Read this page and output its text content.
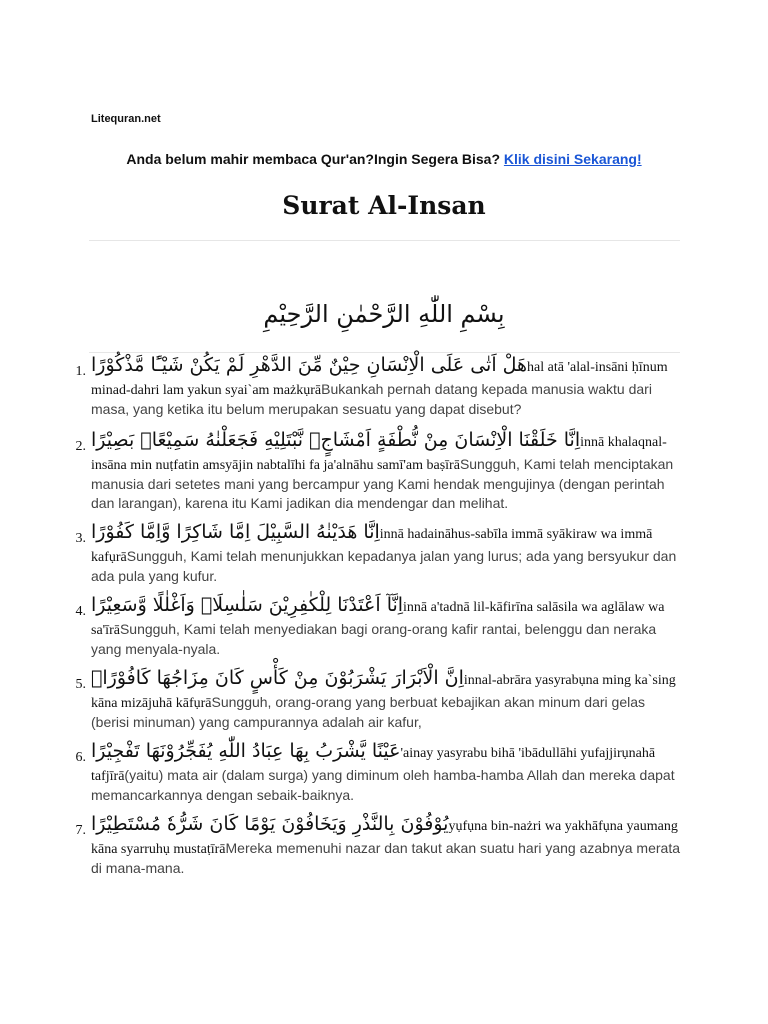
Litequran.net
Anda belum mahir membaca Qur'an?Ingin Segera Bisa? Klik disini Sekarang!
Surat Al-Insan
بِسْمِ اللّٰهِ الرَّحْمٰنِ الرَّحِيْمِ
1. هَلْ اَتٰى عَلَى الْاِنْسَانِ حِيْنٌ مِّنَ الدَّهْرِ لَمْ يَكُنْ شَيْـًٔا مَّذْكُوْرًاhal atā 'alal-insāni ḥīnum minad-dahri lam yakun syai`am mażkụrāBukankah pernah datang kepada manusia waktu dari masa, yang ketika itu belum merupakan sesuatu yang dapat disebut?
2. اِنَّا خَلَقْنَا الْاِنْسَانَ مِنْ نُّطْفَةٍ اَمْشَاجٍۖ نَّبْتَلِيْهِ فَجَعَلْنٰهُ سَمِيْعًاۢ بَصِيْرًاinnā khalaqnal-insāna min nuṭfatin amsyājin nabtalīhi fa ja'alnāhu samī'am baṣīrāSungguh, Kami telah menciptakan manusia dari setetes mani yang bercampur yang Kami hendak mengujinya (dengan perintah dan larangan), karena itu Kami jadikan dia mendengar dan melihat.
3. اِنَّا هَدَيْنٰهُ السَّبِيْلَ اِمَّا شَاكِرًا وَّاِمَّا كَفُوْرًاinnā hadaināhus-sabīla immā syākiraw wa immā kafụrāSungguh, Kami telah menunjukkan kepadanya jalan yang lurus; ada yang bersyukur dan ada pula yang kufur.
4. اِنَّآ اَعْتَدْنَا لِلْكٰفِرِيْنَ سَلٰسِلَا۟ وَاَغْلٰلًا وَّسَعِيْرًاinnā a'tadnā lil-kāfirīna salāsila wa aglālaw wa sa'īrāSungguh, Kami telah menyediakan bagi orang-orang kafir rantai, belenggu dan neraka yang menyala-nyala.
5. اِنَّ الْاَبْرَارَ يَشْرَبُوْنَ مِنْ كَأْسٍ كَانَ مِزَاجُهَا كَافُوْرًاۚinnal-abrāra yasyrabụna ming ka`sing kāna mizājuhā kāfụrāSungguh, orang-orang yang berbuat kebajikan akan minum dari gelas (berisi minuman) yang campurannya adalah air kafur,
6. عَيْنًا يَّشْرَبُ بِهَا عِبَادُ اللّٰهِ يُفَجِّرُوْنَهَا تَفْجِيْرًا'ainay yasyrabu bihā 'ibādullāhi yufajjirụnahā tafjīrā(yaitu) mata air (dalam surga) yang diminum oleh hamba-hamba Allah dan mereka dapat memancarkannya dengan sebaik-baiknya.
7. يُوْفُوْنَ بِالنَّذْرِ وَيَخَافُوْنَ يَوْمًا كَانَ شَرُّهٗ مُسْتَطِيْرًاyụfụna bin-nażri wa yakhāfụna yaumang kāna syarruhụ mustaṭīrāMereka memenuhi nazar dan takut akan suatu hari yang azabnya merata di mana-mana.
